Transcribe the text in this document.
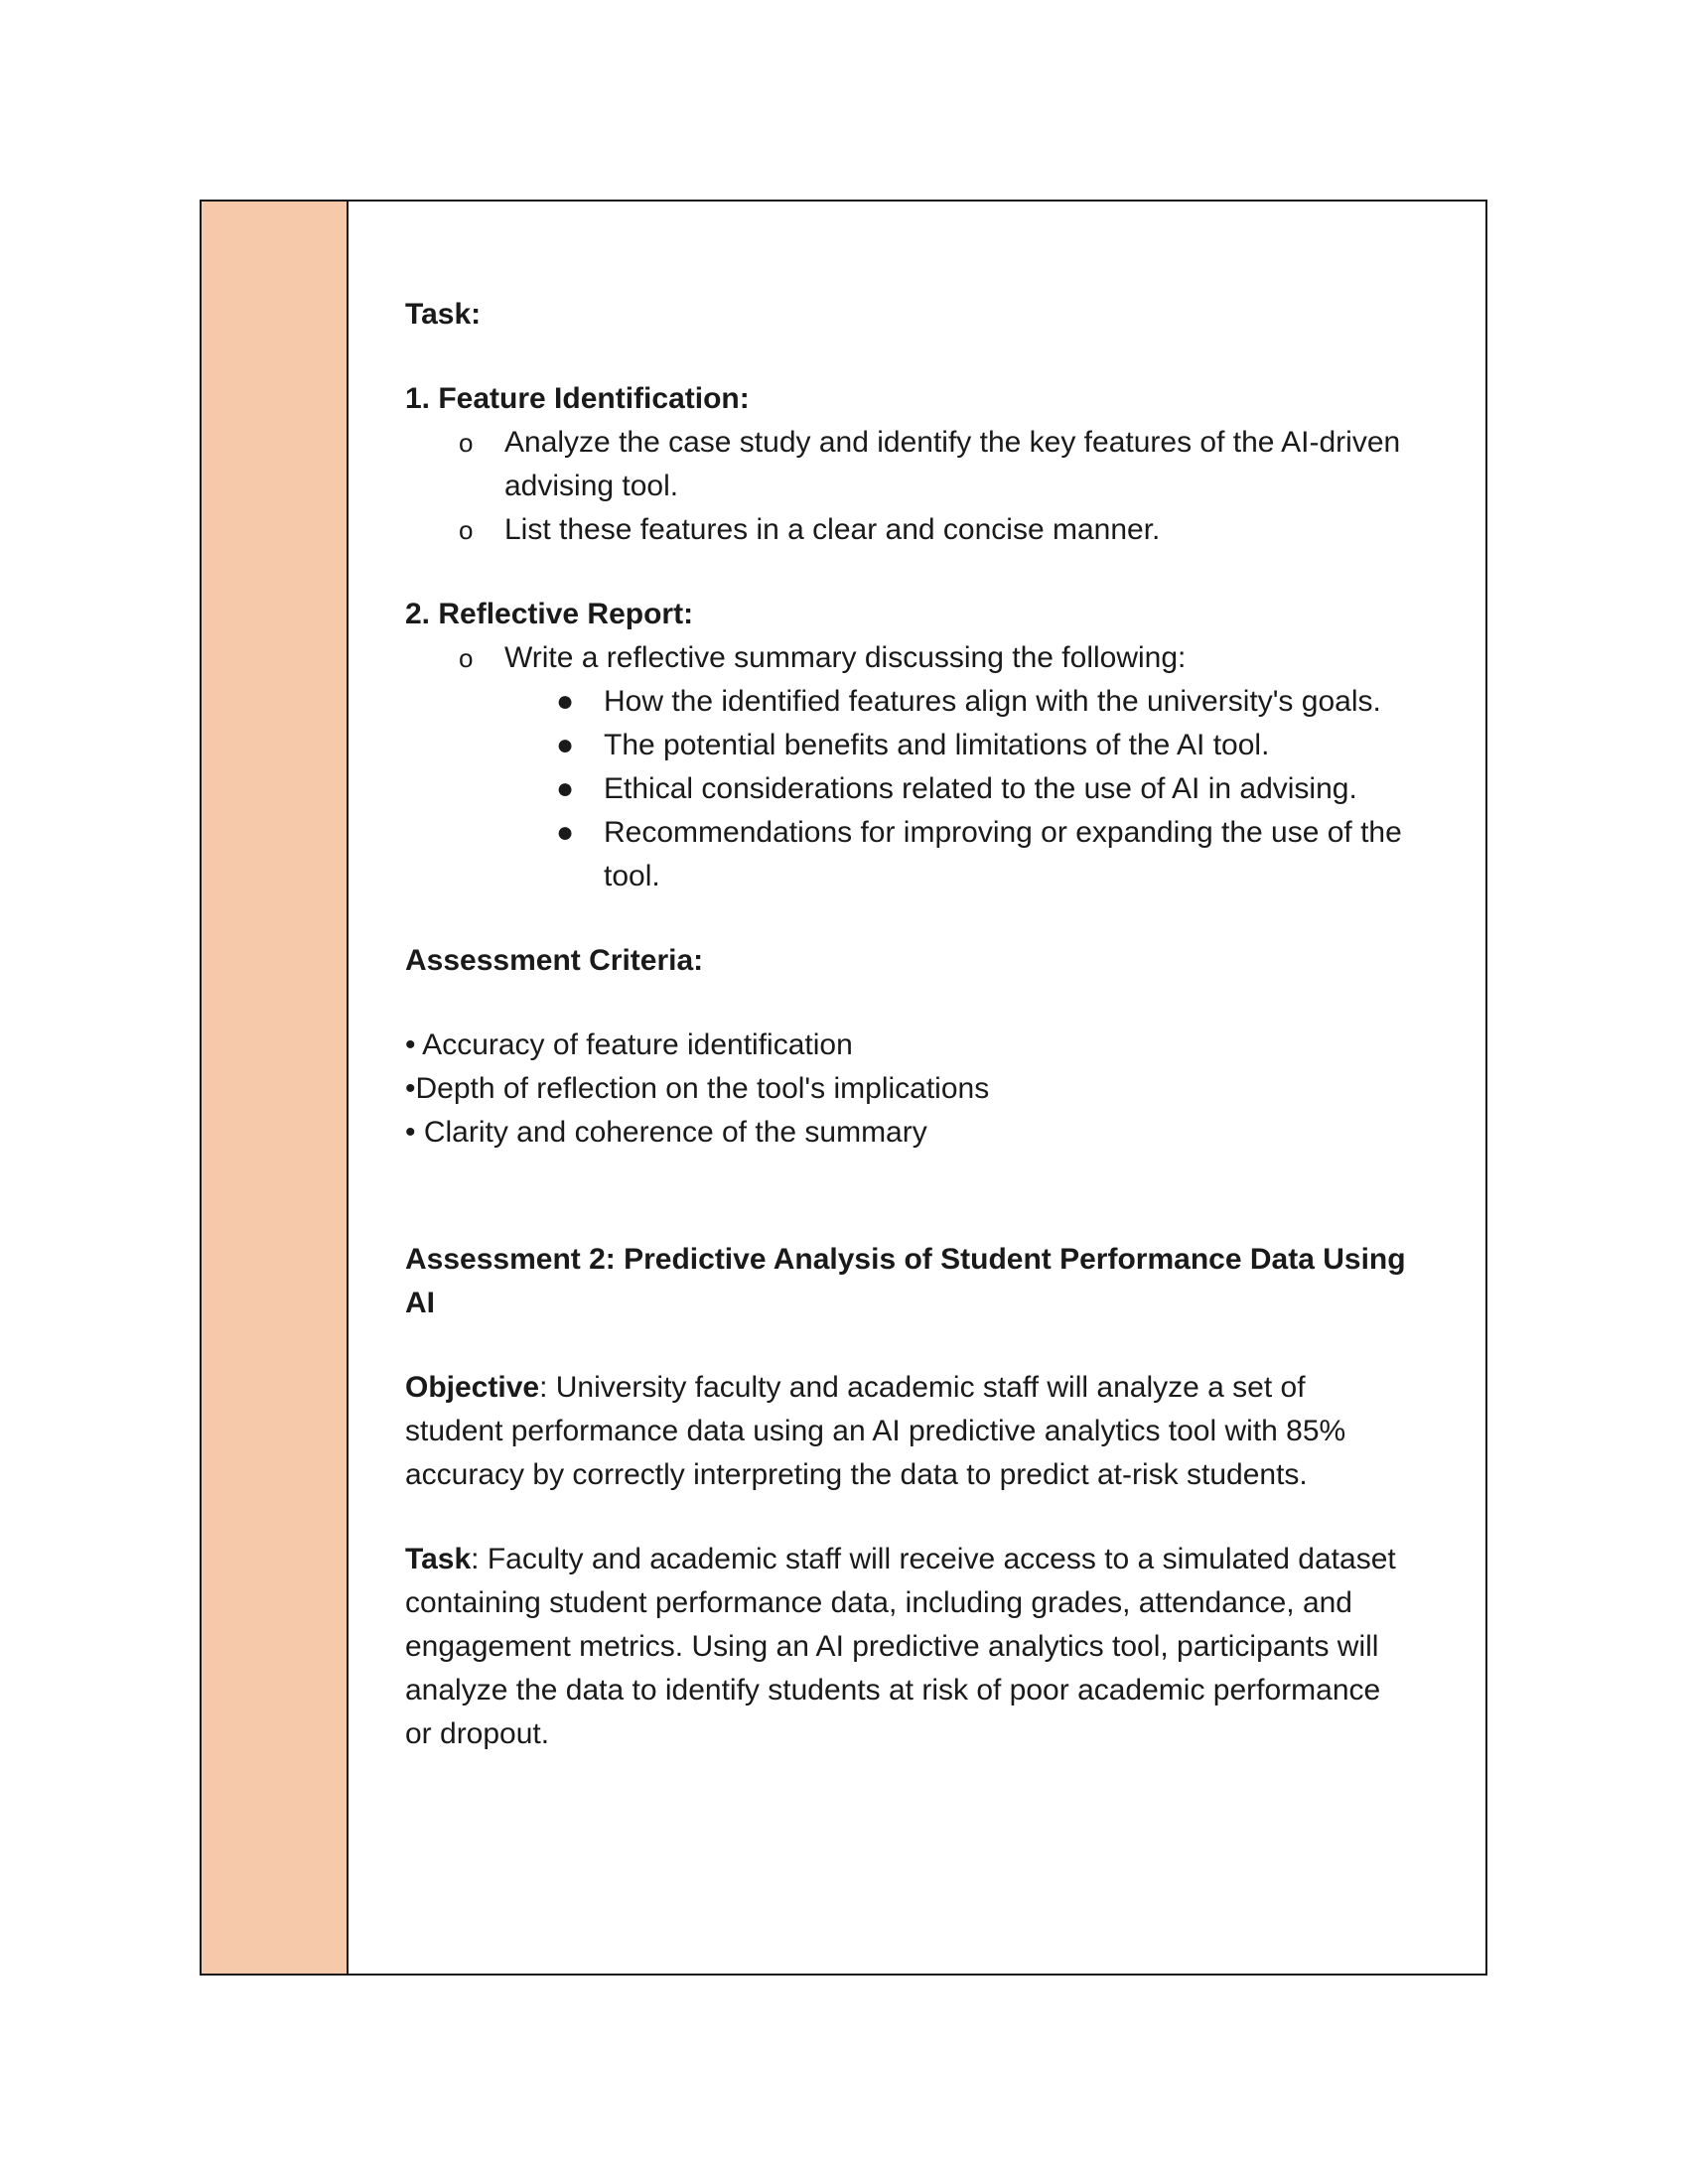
Task:

1. Feature Identification:

o Analyze the case study and identify the key features of the AI-driven advising tool.
o List these features in a clear and concise manner.

2. Reflective Report:

o Write a reflective summary discussing the following:
● How the identified features align with the university's goals.
● The potential benefits and limitations of the AI tool.
● Ethical considerations related to the use of AI in advising.
● Recommendations for improving or expanding the use of the tool.

Assessment Criteria:

• Accuracy of feature identification

•Depth of reflection on the tool's implications

• Clarity and coherence of the summary

Assessment 2: Predictive Analysis of Student Performance Data Using AI

Objective: University faculty and academic staff will analyze a set of student performance data using an AI predictive analytics tool with 85% accuracy by correctly interpreting the data to predict at-risk students.

Task: Faculty and academic staff will receive access to a simulated dataset containing student performance data, including grades, attendance, and engagement metrics. Using an AI predictive analytics tool, participants will analyze the data to identify students at risk of poor academic performance or dropout.
